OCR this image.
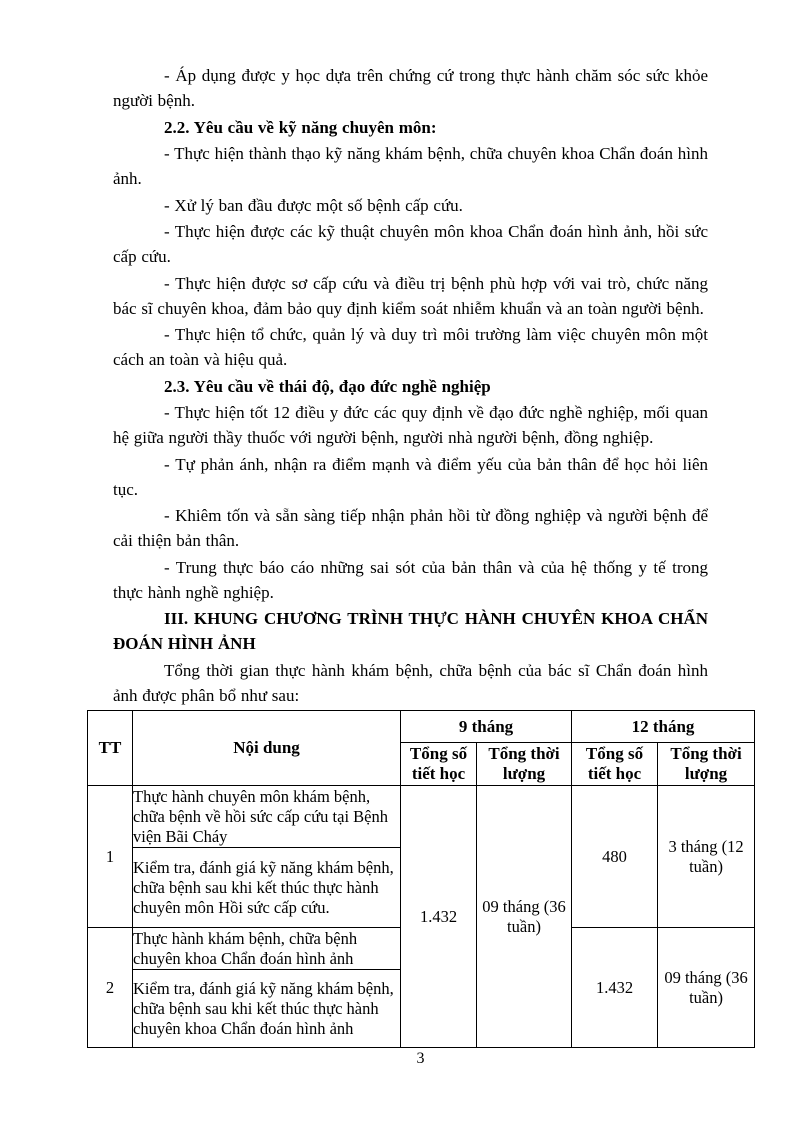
- Áp dụng được y học dựa trên chứng cứ trong thực hành chăm sóc sức khỏe người bệnh.

2.2. Yêu cầu về kỹ năng chuyên môn:

- Thực hiện thành thạo kỹ năng khám bệnh, chữa chuyên khoa Chẩn đoán hình ảnh.

- Xử lý ban đầu được một số bệnh cấp cứu.

- Thực hiện được các kỹ thuật chuyên môn khoa Chẩn đoán hình ảnh, hồi sức cấp cứu.

- Thực hiện được sơ cấp cứu và điều trị bệnh phù hợp với vai trò, chức năng bác sĩ chuyên khoa, đảm bảo quy định kiểm soát nhiễm khuẩn và an toàn người bệnh.

- Thực hiện tổ chức, quản lý và duy trì môi trường làm việc chuyên môn một cách an toàn và hiệu quả.

2.3. Yêu cầu về thái độ, đạo đức nghề nghiệp

- Thực hiện tốt 12 điều y đức các quy định về đạo đức nghề nghiệp, mối quan hệ giữa người thầy thuốc với người bệnh, người nhà người bệnh, đồng nghiệp.

- Tự phản ánh, nhận ra điểm mạnh và điểm yếu của bản thân để học hỏi liên tục.

- Khiêm tốn và sẵn sàng tiếp nhận phản hồi từ đồng nghiệp và người bệnh để cải thiện bản thân.

- Trung thực báo cáo những sai sót của bản thân và của hệ thống y tế trong thực hành nghề nghiệp.

III. KHUNG CHƯƠNG TRÌNH THỰC HÀNH CHUYÊN KHOA CHẨN ĐOÁN HÌNH ẢNH

Tổng thời gian thực hành khám bệnh, chữa bệnh của bác sĩ Chẩn đoán hình ảnh được phân bổ như sau:

TT	Nội dung	9 tháng		12 tháng	
		Tổng số tiết học	Tổng thời lượng	Tổng số tiết học	Tổng thời lượng
1	Thực hành chuyên môn khám bệnh, chữa bệnh về hồi sức cấp cứu tại Bệnh viện Bãi Cháy	1.432	09 tháng (36 tuần)	480	3 tháng (12 tuần)
	Kiểm tra, đánh giá kỹ năng khám bệnh, chữa bệnh sau khi kết thúc thực hành chuyên môn Hồi sức cấp cứu.				
2	Thực hành khám bệnh, chữa bệnh chuyên khoa Chẩn đoán hình ảnh			1.432	09 tháng (36 tuần)
	Kiểm tra, đánh giá kỹ năng khám bệnh, chữa bệnh sau khi kết thúc thực hành chuyên khoa Chẩn đoán hình ảnh				
3
